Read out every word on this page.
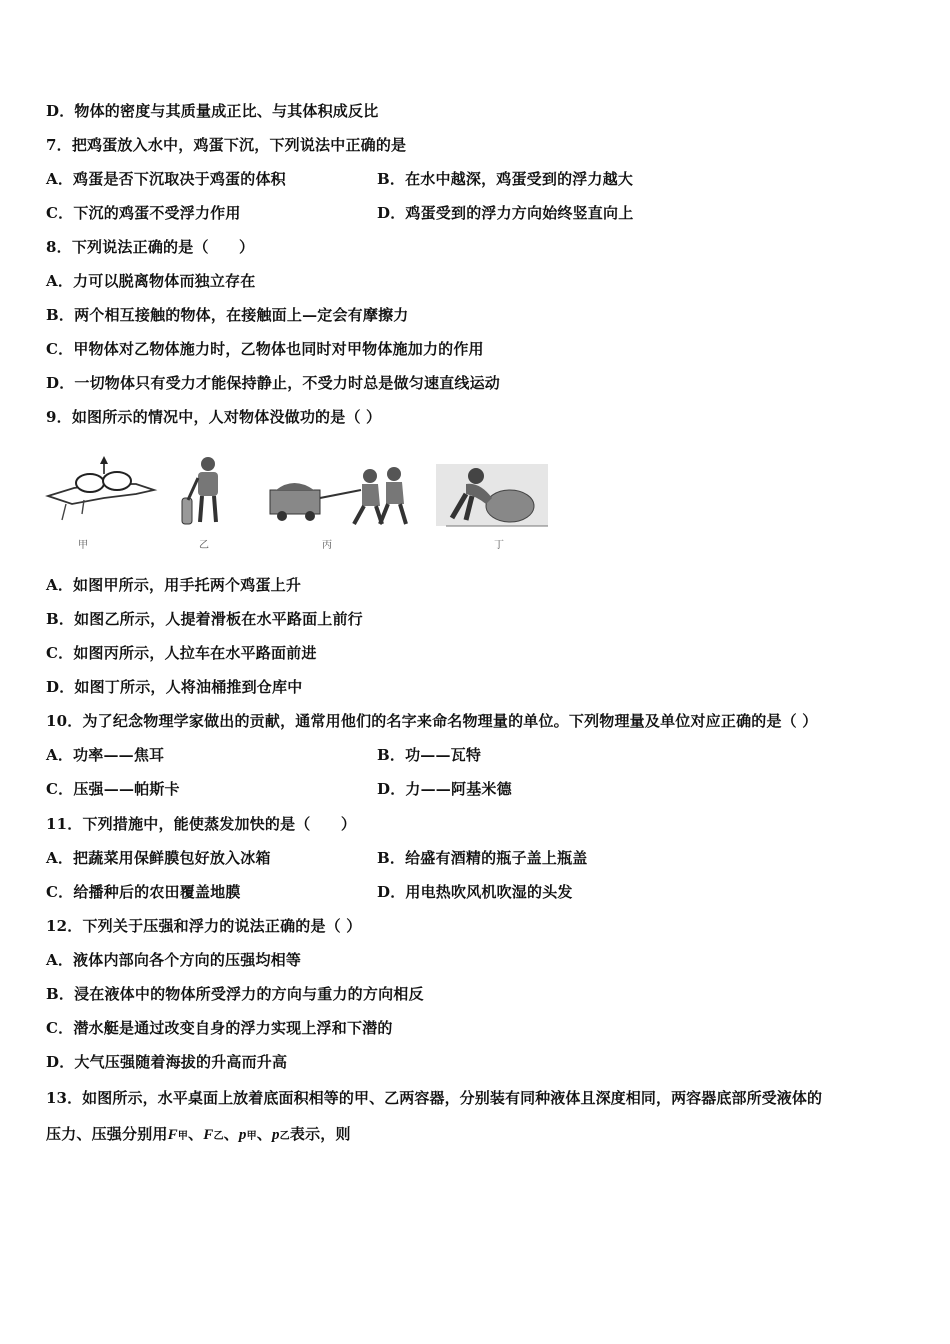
D．物体的密度与其质量成正比、与其体积成反比
7．把鸡蛋放入水中，鸡蛋下沉，下列说法中正确的是
A．鸡蛋是否下沉取决于鸡蛋的体积	B．在水中越深，鸡蛋受到的浮力越大
C．下沉的鸡蛋不受浮力作用	D．鸡蛋受到的浮力方向始终竖直向上
8．下列说法正确的是（　　）
A．力可以脱离物体而独立存在
B．两个相互接触的物体，在接触面上—定会有摩擦力
C．甲物体对乙物体施力时，乙物体也同时对甲物体施加力的作用
D．一切物体只有受力才能保持静止，不受力时总是做匀速直线运动
9．如图所示的情况中，人对物体没做功的是（ ）
甲	乙	丙	丁
A．如图甲所示，用手托两个鸡蛋上升
B．如图乙所示，人提着滑板在水平路面上前行
C．如图丙所示，人拉车在水平路面前进
D．如图丁所示，人将油桶推到仓库中
10．为了纪念物理学家做出的贡献，通常用他们的名字来命名物理量的单位。下列物理量及单位对应正确的是（ ）
A．功率——焦耳	B．功——瓦特
C．压强——帕斯卡	D．力——阿基米德
11．下列措施中，能使蒸发加快的是（　　）
A．把蔬菜用保鲜膜包好放入冰箱	B．给盛有酒精的瓶子盖上瓶盖
C．给播种后的农田覆盖地膜	D．用电热吹风机吹湿的头发
12．下列关于压强和浮力的说法正确的是（ ）
A．液体内部向各个方向的压强均相等
B．浸在液体中的物体所受浮力的方向与重力的方向相反
C．潜水艇是通过改变自身的浮力实现上浮和下潜的
D．大气压强随着海拔的升高而升高
13．如图所示，水平桌面上放着底面积相等的甲、乙两容器，分别装有同种液体且深度相同，两容器底部所受液体的
压力、压强分别用F甲、F乙、p甲、p乙表示，则
